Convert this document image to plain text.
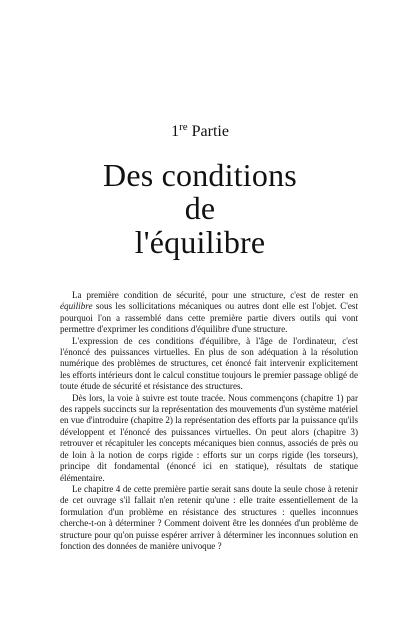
1re Partie
Des conditions
de
l'équilibre

La première condition de sécurité, pour une structure, c'est de rester en équilibre sous les sollicitations mécaniques ou autres dont elle est l'objet. C'est pourquoi l'on a rassemblé dans cette première partie divers outils qui vont permettre d'exprimer les conditions d'équilibre d'une structure.

L'expression de ces conditions d'équilibre, à l'âge de l'ordinateur, c'est l'énoncé des puissances virtuelles. En plus de son adéquation à la résolution numérique des problèmes de structures, cet énoncé fait intervenir explicitement les efforts intérieurs dont le calcul constitue toujours le premier passage obligé de toute étude de sécurité et résistance des structures.

Dès lors, la voie à suivre est toute tracée. Nous commençons (chapitre 1) par des rappels succincts sur la représentation des mouvements d'un système matériel en vue d'introduire (chapitre 2) la représentation des efforts par la puissance qu'ils développent et l'énoncé des puissances virtuelles. On peut alors (chapitre 3) retrouver et récapituler les concepts mécaniques bien connus, associés de près ou de loin à la notion de corps rigide : efforts sur un corps rigide (les torseurs), principe dit fondamental (énoncé ici en statique), résultats de statique élémentaire.

Le chapitre 4 de cette première partie serait sans doute la seule chose à retenir de cet ouvrage s'il fallait n'en retenir qu'une : elle traite essentiellement de la formulation d'un problème en résistance des structures : quelles inconnues cherche-t-on à déterminer ? Comment doivent être les données d'un problème de structure pour qu'on puisse espérer arriver à déterminer les inconnues solution en fonction des données de manière univoque ?
